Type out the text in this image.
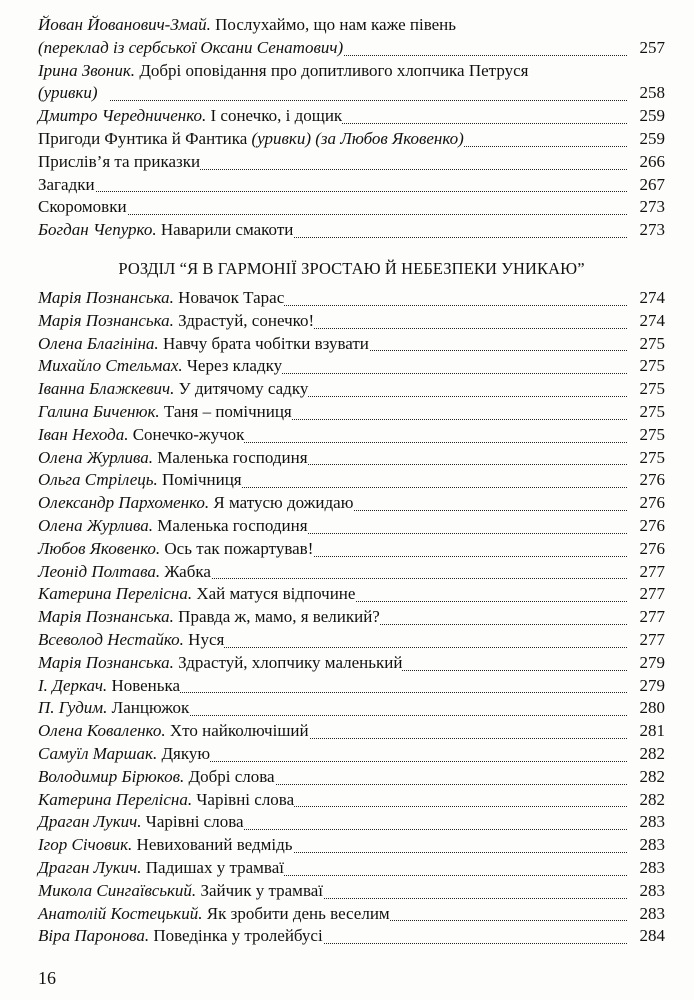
Йован Йованович-Змай. Послухаймо, що нам каже півень
(переклад із сербської Оксани Сенатович)	257
Ірина Звоник. Добрі оповідання про допитливого хлопчика Петруся
(уривки)	258
Дмитро Чередниченко. І сонечко, і дощик	259
Пригоди Фунтика й Фантика (уривки) (за Любов Яковенко)	259
Прислів’я та приказки	266
Загадки	267
Скоромовки	273
Богдан Чепурко. Наварили смакоти	273
РОЗДІЛ “Я В ГАРМОНІЇ ЗРОСТАЮ Й НЕБЕЗПЕКИ УНИКАЮ”
Марія Познанська. Новачок Тарас	274
Марія Познанська. Здрастуй, сонечко!	274
Олена Благініна. Навчу брата чобітки взувати	275
Михайло Стельмах. Через кладку	275
Іванна Блажкевич. У дитячому садку	275
Галина Биченюк. Таня – помічниця	275
Іван Нехода. Сонечко-жучок	275
Олена Журлива. Маленька господиня	275
Ольга Стрілець. Помічниця	276
Олександр Пархоменко. Я матусю дожидаю	276
Олена Журлива. Маленька господиня	276
Любов Яковенко. Ось так пожартував!	276
Леонід Полтава. Жабка	277
Катерина Перелісна. Хай матуся відпочине	277
Марія Познанська. Правда ж, мамо, я великий?	277
Всеволод Нестайко. Нуся	277
Марія Познанська. Здрастуй, хлопчику маленький	279
І. Деркач. Новенька	279
П. Гудим. Ланцюжок	280
Олена Коваленко. Хто найколючіший	281
Самуїл Маршак. Дякую	282
Володимир Бірюков. Добрі слова	282
Катерина Перелісна. Чарівні слова	282
Драган Лукич. Чарівні слова	283
Ігор Січовик. Невихований ведмідь	283
Драган Лукич. Падишах у трамваї	283
Микола Сингаївський. Зайчик у трамваї	283
Анатолій Костецький. Як зробити день веселим	283
Віра Паронова. Поведінка у тролейбусі	284
16
